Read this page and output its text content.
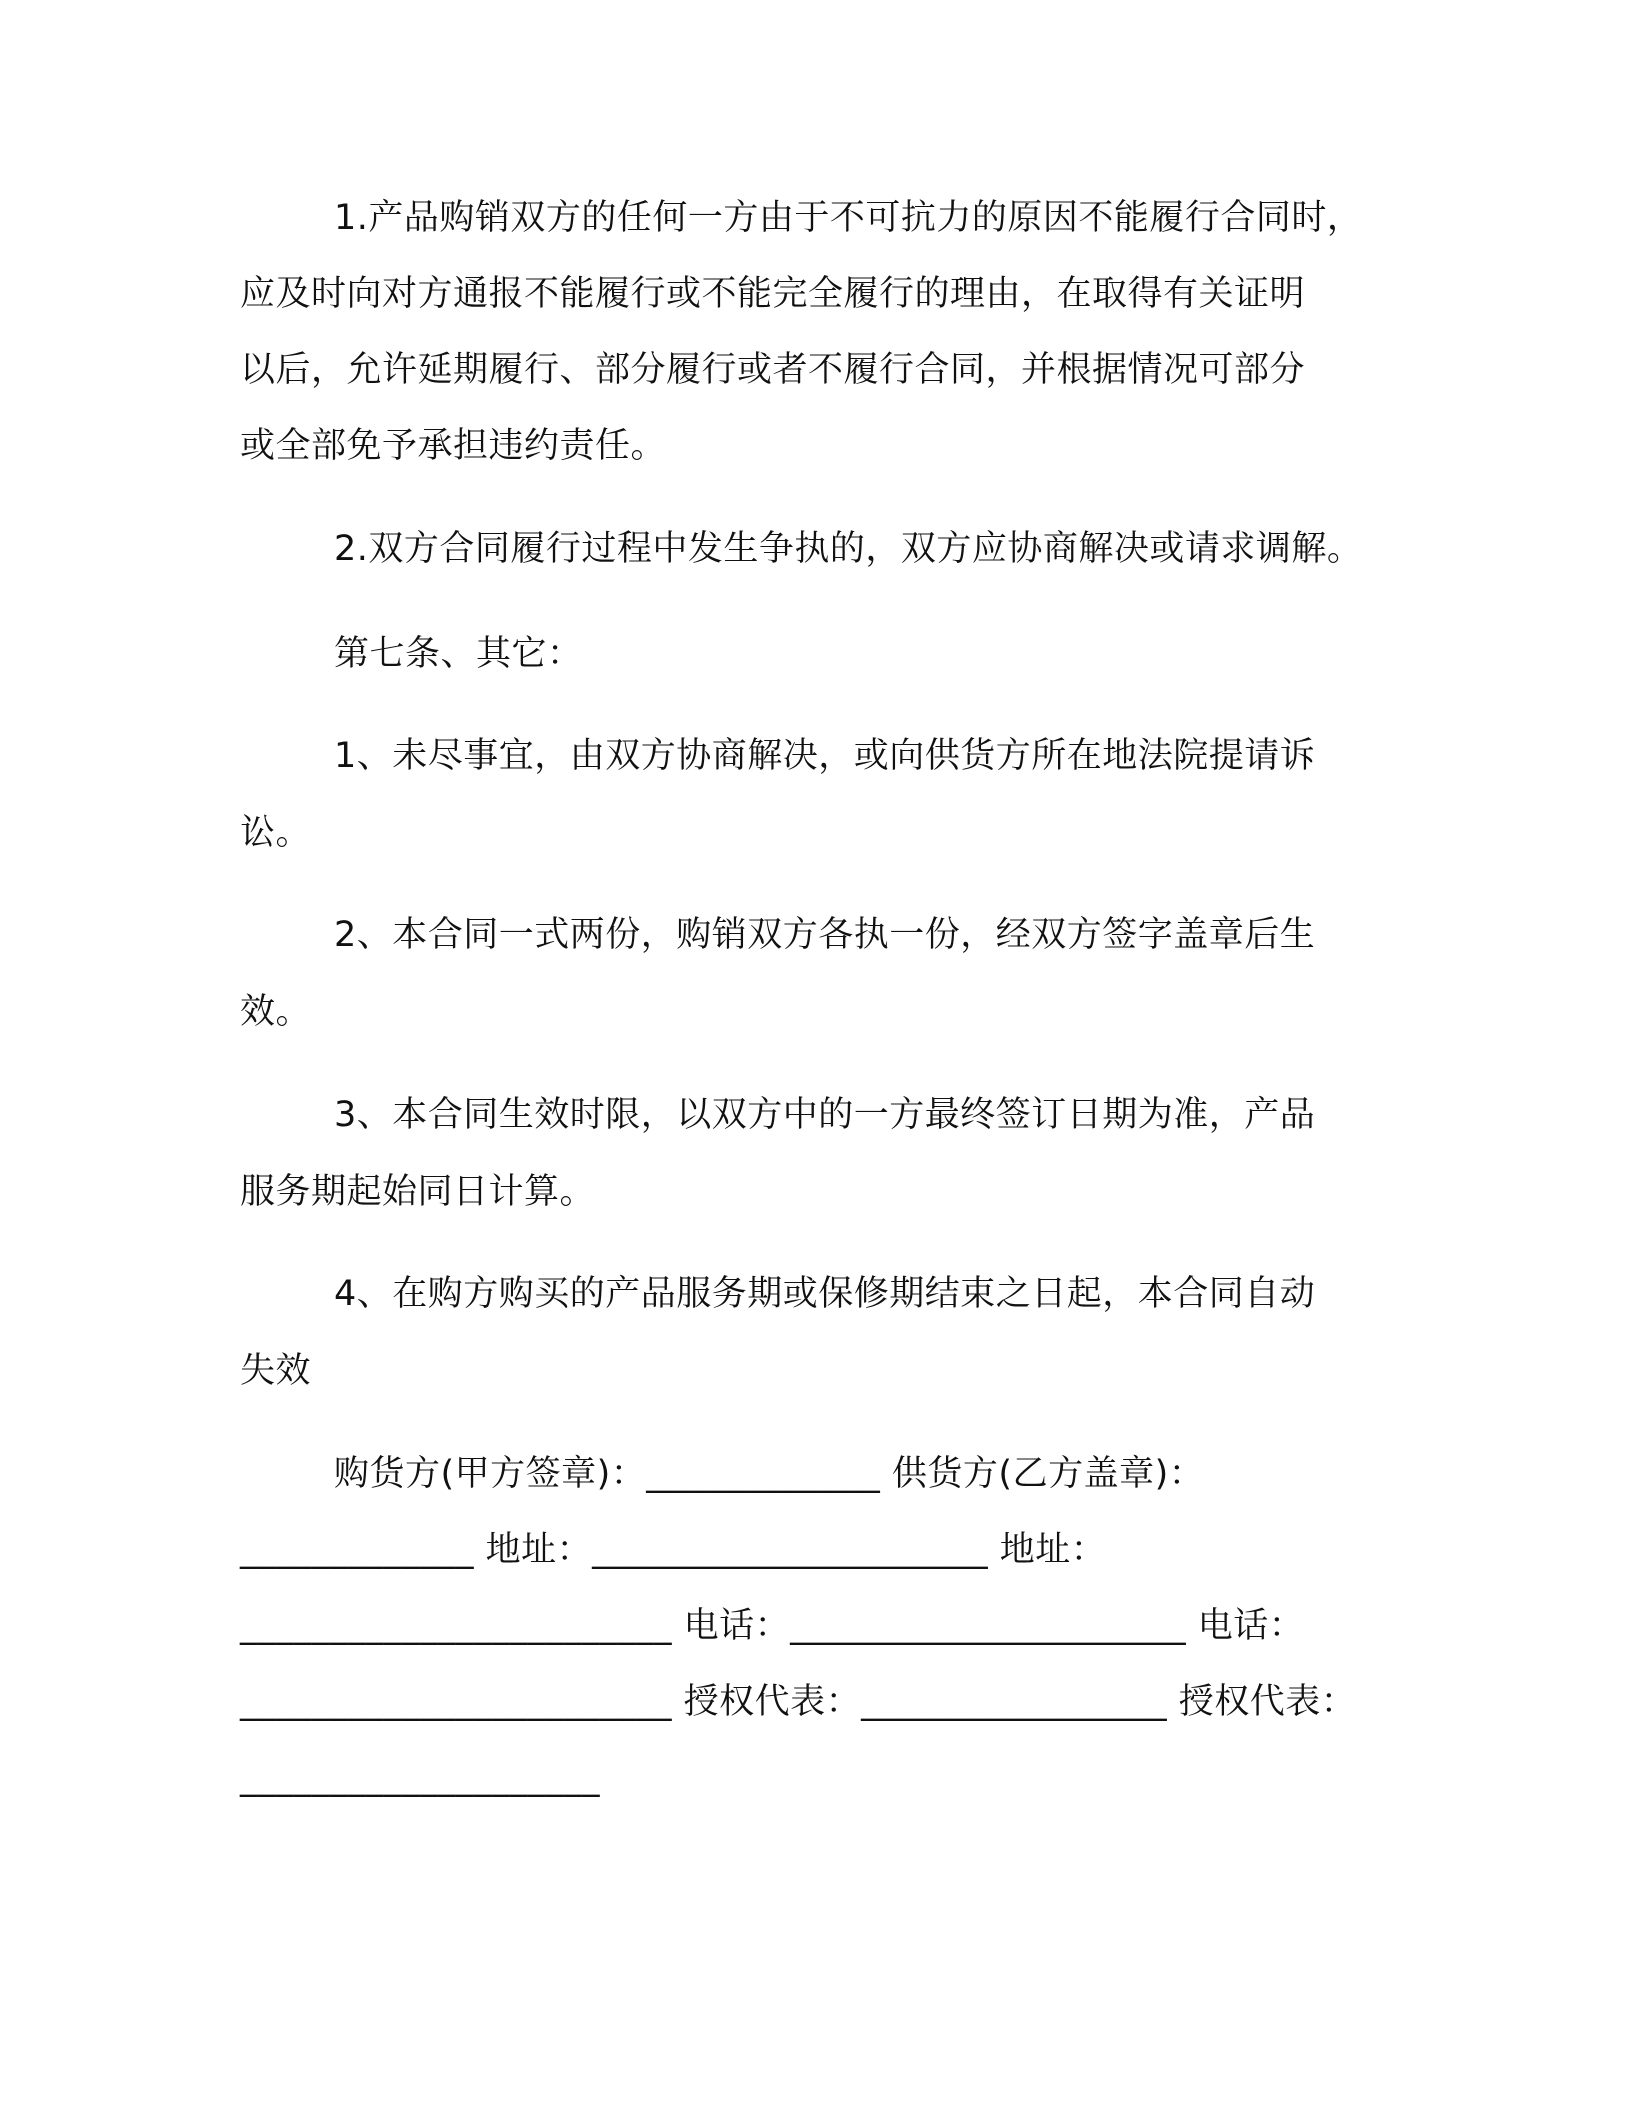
1.产品购销双方的任何一方由于不可抗力的原因不能履行合同时，
应及时向对方通报不能履行或不能完全履行的理由，在取得有关证明
以后，允许延期履行、部分履行或者不履行合同，并根据情况可部分
或全部免予承担违约责任。
2.双方合同履行过程中发生争执的，双方应协商解决或请求调解。
第七条、其它：
1、未尽事宜，由双方协商解决，或向供货方所在地法院提请诉
讼。
2、本合同一式两份，购销双方各执一份，经双方签字盖章后生
效。
3、本合同生效时限，以双方中的一方最终签订日期为准，产品
服务期起始同日计算。
4、在购方购买的产品服务期或保修期结束之日起，本合同自动
失效
购货方(甲方签章)：_____________ 供货方(乙方盖章)：
_____________ 地址：______________________ 地址：
________________________ 电话：______________________ 电话：
________________________ 授权代表：_________________ 授权代表：
____________________
